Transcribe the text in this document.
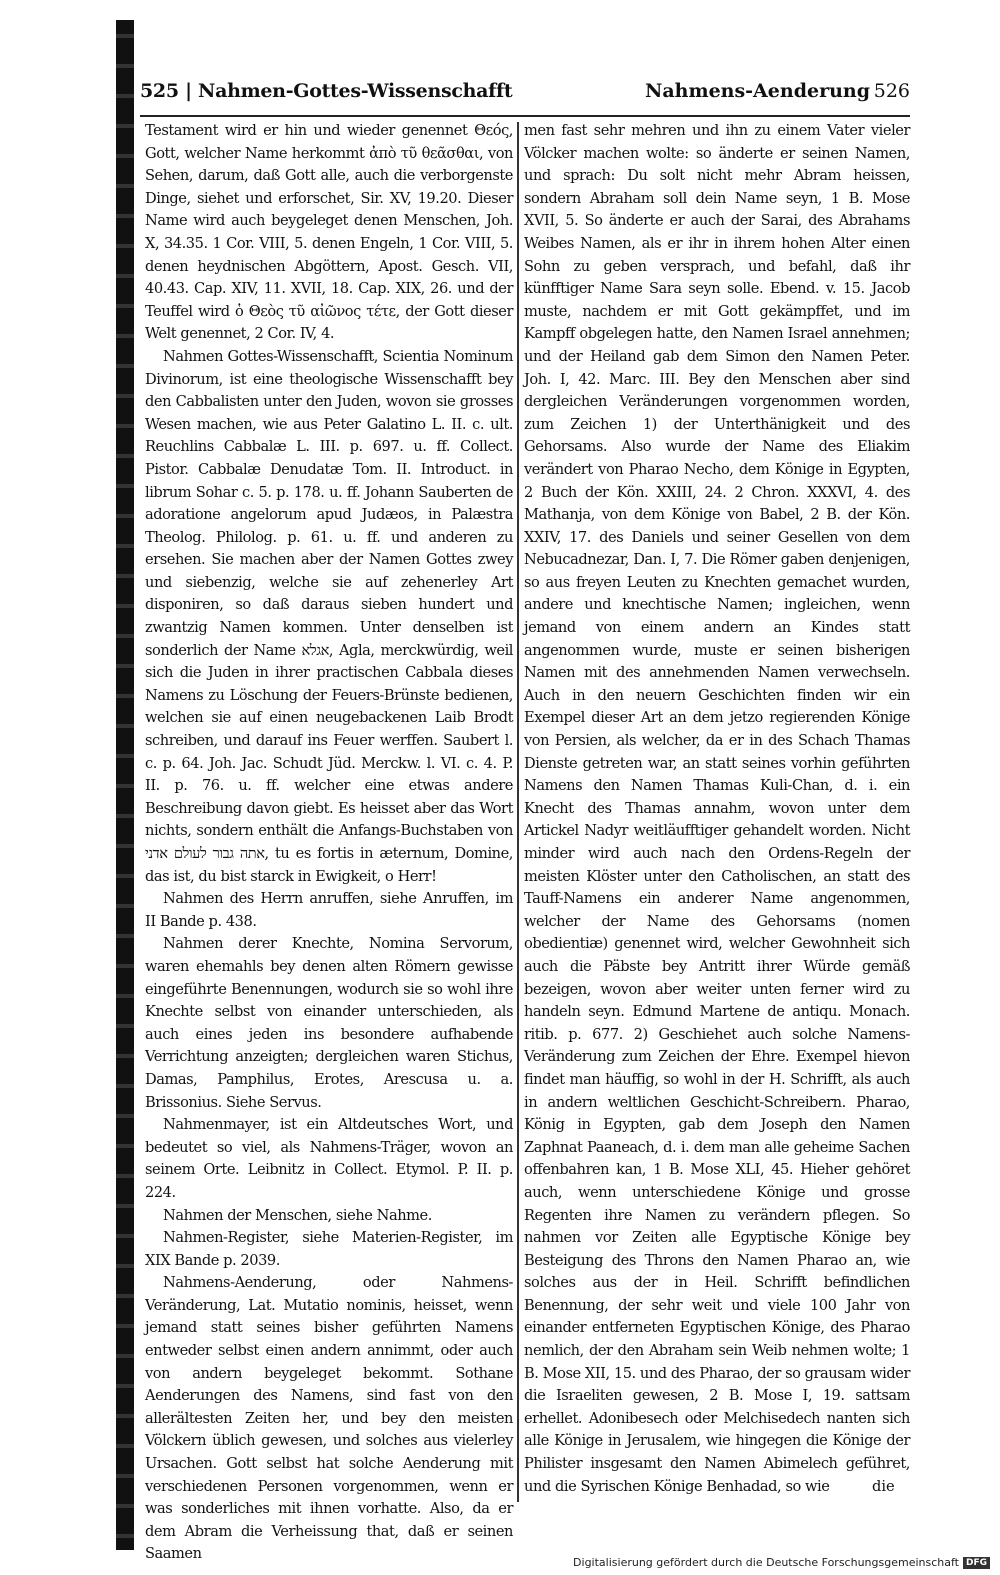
525 | Nahmen-Gottes-Wissenschafft	Nahmens-Aenderung 526

Testament wird er hin und wieder genennet Θεός, Gott, welcher Name herkommt ἀπὸ τῦ θεᾶσθαι, von Sehen, darum, daß Gott alle, auch die verborgenste Dinge, siehet und erforschet, Sir. XV, 19.20. Dieser Name wird auch beygeleget denen Menschen, Joh. X, 34.35. 1 Cor. VIII, 5. denen Engeln, 1 Cor. VIII, 5. denen heydnischen Abgöttern, Apost. Gesch. VII, 40.43. Cap. XIV, 11. XVII, 18. Cap. XIX, 26. und der Teuffel wird ὁ Θεὸς τῦ αἰῶνος τέτε, der Gott dieser Welt genennet, 2 Cor. IV, 4.

Nahmen Gottes-Wissenschafft, Scientia Nominum Divinorum, ist eine theologische Wissenschafft bey den Cabbalisten unter den Juden, wovon sie grosses Wesen machen, wie aus Peter Galatino L. II. c. ult. Reuchlins Cabbalæ L. III. p. 697. u. ff. Collect. Pistor. Cabbalæ Denudatæ Tom. II. Introduct. in librum Sohar c. 5. p. 178. u. ff. Johann Sauberten de adoratione angelorum apud Judæos, in Palæstra Theolog. Philolog. p. 61. u. ff. und anderen zu ersehen. Sie machen aber der Namen Gottes zwey und siebenzig, welche sie auf zehenerley Art disponiren, so daß daraus sieben hundert und zwantzig Namen kommen. Unter denselben ist sonderlich der Name אגלא, Agla, merckwürdig, weil sich die Juden in ihrer practischen Cabbala dieses Namens zu Löschung der Feuers-Brünste bedienen, welchen sie auf einen neugebackenen Laib Brodt schreiben, und darauf ins Feuer werffen. Saubert l. c. p. 64. Joh. Jac. Schudt Jüd. Merckw. l. VI. c. 4. P. II. p. 76. u. ff. welcher eine etwas andere Beschreibung davon giebt. Es heisset aber das Wort nichts, sondern enthält die Anfangs-Buchstaben von אתה גבור לעולם אדני, tu es fortis in æternum, Domine, das ist, du bist starck in Ewigkeit, o Herr!

Nahmen des Herrn anruffen, siehe Anruffen, im II Bande p. 438.

Nahmen derer Knechte, Nomina Servorum, waren ehemahls bey denen alten Römern gewisse eingeführte Benennungen, wodurch sie so wohl ihre Knechte selbst von einander unterschieden, als auch eines jeden ins besondere aufhabende Verrichtung anzeigten; dergleichen waren Stichus, Damas, Pamphilus, Erotes, Arescusa u. a. Brissonius. Siehe Servus.

Nahmenmayer, ist ein Altdeutsches Wort, und bedeutet so viel, als Nahmens-Träger, wovon an seinem Orte. Leibnitz in Collect. Etymol. P. II. p. 224.

Nahmen der Menschen, siehe Nahme.

Nahmen-Register, siehe Materien-Register, im XIX Bande p. 2039.

Nahmens-Aenderung, oder Nahmens-Veränderung, Lat. Mutatio nominis, heisset, wenn jemand statt seines bisher geführten Namens entweder selbst einen andern annimmt, oder auch von andern beygeleget bekommt. Sothane Aenderungen des Namens, sind fast von den allerältesten Zeiten her, und bey den meisten Völckern üblich gewesen, und solches aus vielerley Ursachen. Gott selbst hat solche Aenderung mit verschiedenen Personen vorgenommen, wenn er was sonderliches mit ihnen vorhatte. Also, da er dem Abram die Verheissung that, daß er seinen Saamen

men fast sehr mehren und ihn zu einem Vater vieler Völcker machen wolte: so änderte er seinen Namen, und sprach: Du solt nicht mehr Abram heissen, sondern Abraham soll dein Name seyn, 1 B. Mose XVII, 5. So änderte er auch der Sarai, des Abrahams Weibes Namen, als er ihr in ihrem hohen Alter einen Sohn zu geben versprach, und befahl, daß ihr künfftiger Name Sara seyn solle. Ebend. v. 15. Jacob muste, nachdem er mit Gott gekämpffet, und im Kampff obgelegen hatte, den Namen Israel annehmen; und der Heiland gab dem Simon den Namen Peter. Joh. I, 42. Marc. III. Bey den Menschen aber sind dergleichen Veränderungen vorgenommen worden, zum Zeichen 1) der Unterthänigkeit und des Gehorsams. Also wurde der Name des Eliakim verändert von Pharao Necho, dem Könige in Egypten, 2 Buch der Kön. XXIII, 24. 2 Chron. XXXVI, 4. des Mathanja, von dem Könige von Babel, 2 B. der Kön. XXIV, 17. des Daniels und seiner Gesellen von dem Nebucadnezar, Dan. I, 7. Die Römer gaben denjenigen, so aus freyen Leuten zu Knechten gemachet wurden, andere und knechtische Namen; ingleichen, wenn jemand von einem andern an Kindes statt angenommen wurde, muste er seinen bisherigen Namen mit des annehmenden Namen verwechseln. Auch in den neuern Geschichten finden wir ein Exempel dieser Art an dem jetzo regierenden Könige von Persien, als welcher, da er in des Schach Thamas Dienste getreten war, an statt seines vorhin geführten Namens den Namen Thamas Kuli-Chan, d. i. ein Knecht des Thamas annahm, wovon unter dem Artickel Nadyr weitläufftiger gehandelt worden. Nicht minder wird auch nach den Ordens-Regeln der meisten Klöster unter den Catholischen, an statt des Tauff-Namens ein anderer Name angenommen, welcher der Name des Gehorsams (nomen obedientiæ) genennet wird, welcher Gewohnheit sich auch die Päbste bey Antritt ihrer Würde gemäß bezeigen, wovon aber weiter unten ferner wird zu handeln seyn. Edmund Martene de antiqu. Monach. ritib. p. 677. 2) Geschiehet auch solche Namens-Veränderung zum Zeichen der Ehre. Exempel hievon findet man häuffig, so wohl in der H. Schrifft, als auch in andern weltlichen Geschicht-Schreibern. Pharao, König in Egypten, gab dem Joseph den Namen Zaphnat Paaneach, d. i. dem man alle geheime Sachen offenbahren kan, 1 B. Mose XLI, 45. Hieher gehöret auch, wenn unterschiedene Könige und grosse Regenten ihre Namen zu verändern pflegen. So nahmen vor Zeiten alle Egyptische Könige bey Besteigung des Throns den Namen Pharao an, wie solches aus der in Heil. Schrifft befindlichen Benennung, der sehr weit und viele 100 Jahr von einander entferneten Egyptischen Könige, des Pharao nemlich, der den Abraham sein Weib nehmen wolte; 1 B. Mose XII, 15. und des Pharao, der so grausam wider die Israeliten gewesen, 2 B. Mose I, 19. sattsam erhellet. Adonibesech oder Melchisedech nanten sich alle Könige in Jerusalem, wie hingegen die Könige der Philister insgesamt den Namen Abimelech geführet, und die Syrischen Könige Benhadad, so wie	die
Digitalisierung gefördert durch die Deutsche Forschungsgemeinschaft DFG
